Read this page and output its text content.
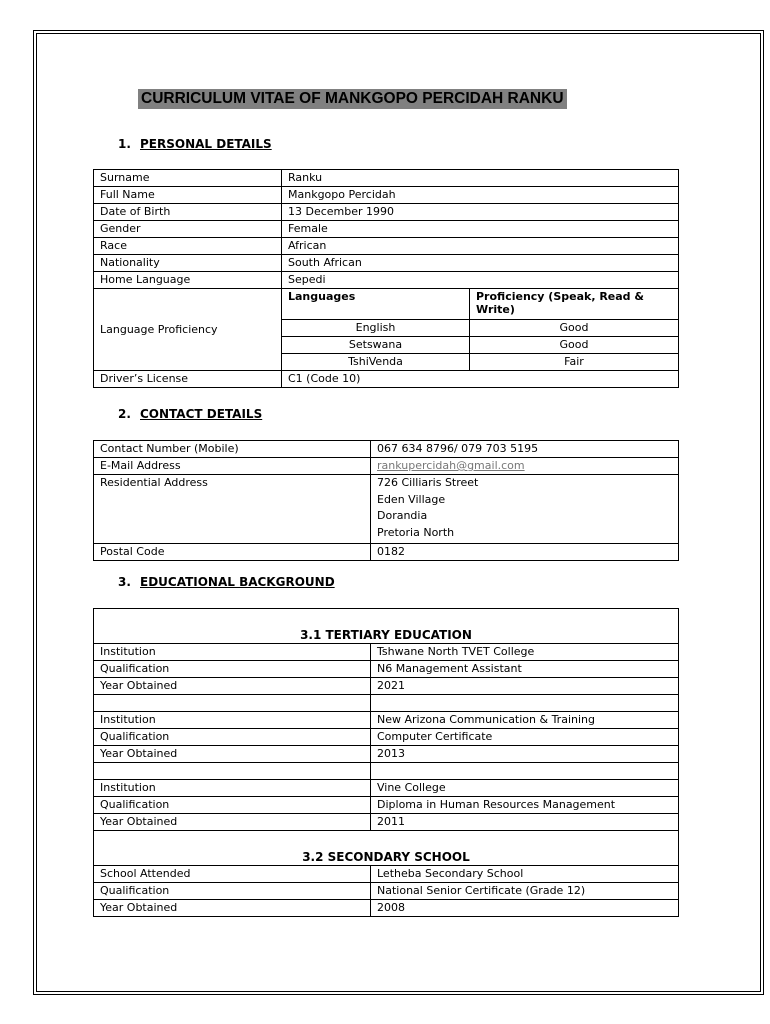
CURRICULUM VITAE OF MANKGOPO PERCIDAH RANKU
1. PERSONAL DETAILS
Surname	Ranku	
Full Name	Mankgopo Percidah	
Date of Birth	13 December 1990	
Gender	Female	
Race	African	
Nationality	South African	
Home Language	Sepedi	
Language Proficiency	Languages	Proficiency (Speak, Read & Write)
	English	Good
	Setswana	Good
	TshiVenda	Fair
Driver’s License	C1 (Code 10)	
2. CONTACT DETAILS
Contact Number (Mobile)	067 634 8796/ 079 703 5195
E-Mail Address	rankupercidah@gmail.com
Residential Address	726 Cilliaris Street
Eden Village
Dorandia
Pretoria North

Postal Code	0182
3. EDUCATIONAL BACKGROUND
3.1 TERTIARY EDUCATION	
Institution	Tshwane North TVET College
Qualification	N6 Management Assistant
Year Obtained	2021

Institution	New Arizona Communication & Training
Qualification	Computer Certificate
Year Obtained	2013

Institution	Vine College
Qualification	Diploma in Human Resources Management
Year Obtained	2011
3.2 SECONDARY SCHOOL	
School Attended	Letheba Secondary School
Qualification	National Senior Certificate (Grade 12)
Year Obtained	2008
